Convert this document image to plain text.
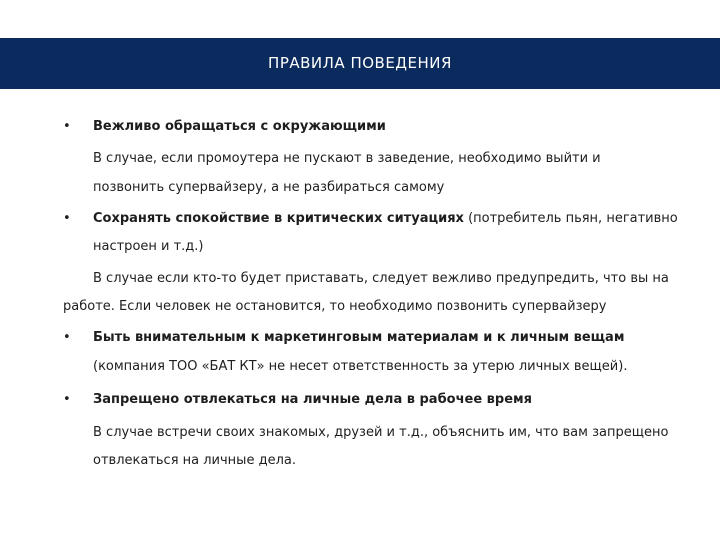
ПРАВИЛА ПОВЕДЕНИЯ
• Вежливо обращаться с окружающими
В случае, если промоутера не пускают в заведение, необходимо выйти и
позвонить супервайзеру, а не разбираться самому
• Сохранять спокойствие в критических ситуациях (потребитель пьян, негативно
настроен и т.д.)
В случае если кто-то будет приставать, следует вежливо предупредить, что вы на
работе. Если человек не остановится, то необходимо позвонить супервайзеру
• Быть внимательным к маркетинговым материалам и к личным вещам
(компания ТОО «БАТ КТ» не несет ответственность за утерю личных вещей).
• Запрещено отвлекаться на личные дела в рабочее время
В случае встречи своих знакомых, друзей и т.д., объяснить им, что вам запрещено
отвлекаться на личные дела.
